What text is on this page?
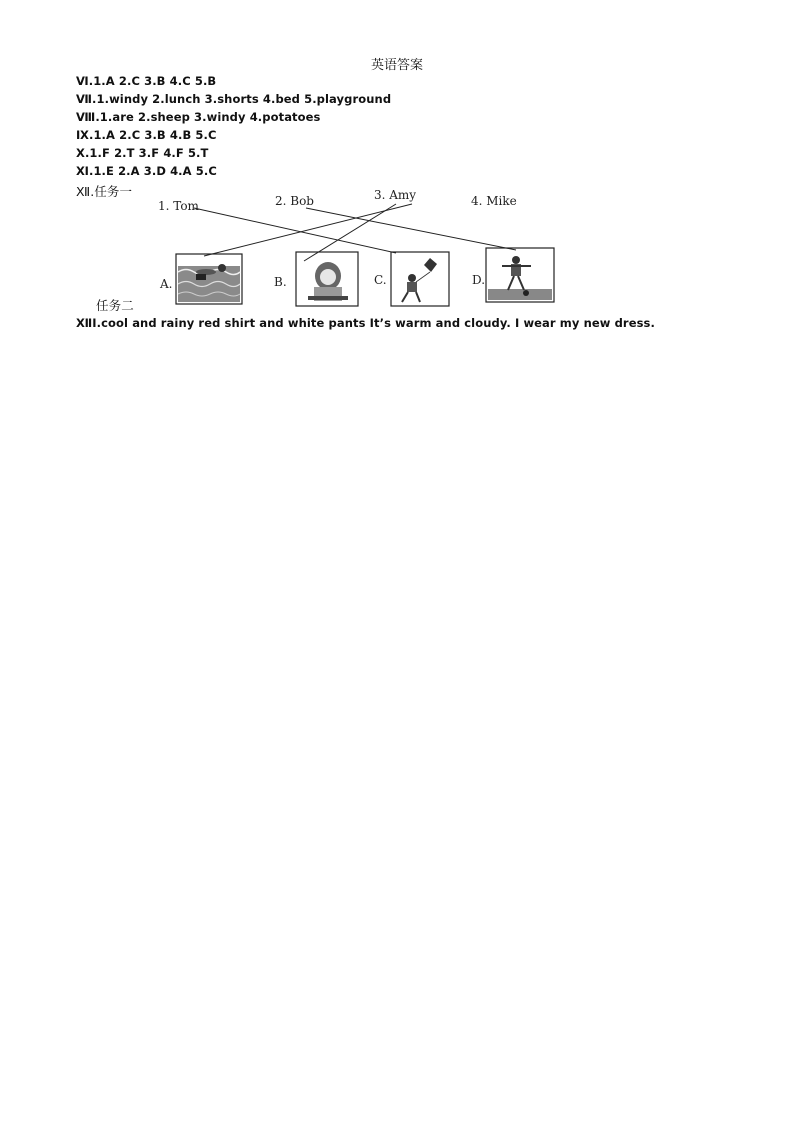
英语答案
Ⅵ.1.A 2.C 3.B 4.C 5.B
Ⅶ.1.windy 2.lunch 3.shorts 4.bed 5.playground
Ⅷ.1.are 2.sheep 3.windy 4.potatoes
Ⅸ.1.A 2.C 3.B 4.B 5.C
Ⅹ.1.F 2.T 3.F 4.F 5.T
Ⅺ.1.E 2.A 3.D 4.A 5.C
Ⅻ.任务一
1. Tom	2. Bob	3. Amy	4. Mike
A.	B.	C.	D.
任务二
ⅫⅠ.cool and rainy red shirt and white pants It’s warm and cloudy. I wear my new dress.
